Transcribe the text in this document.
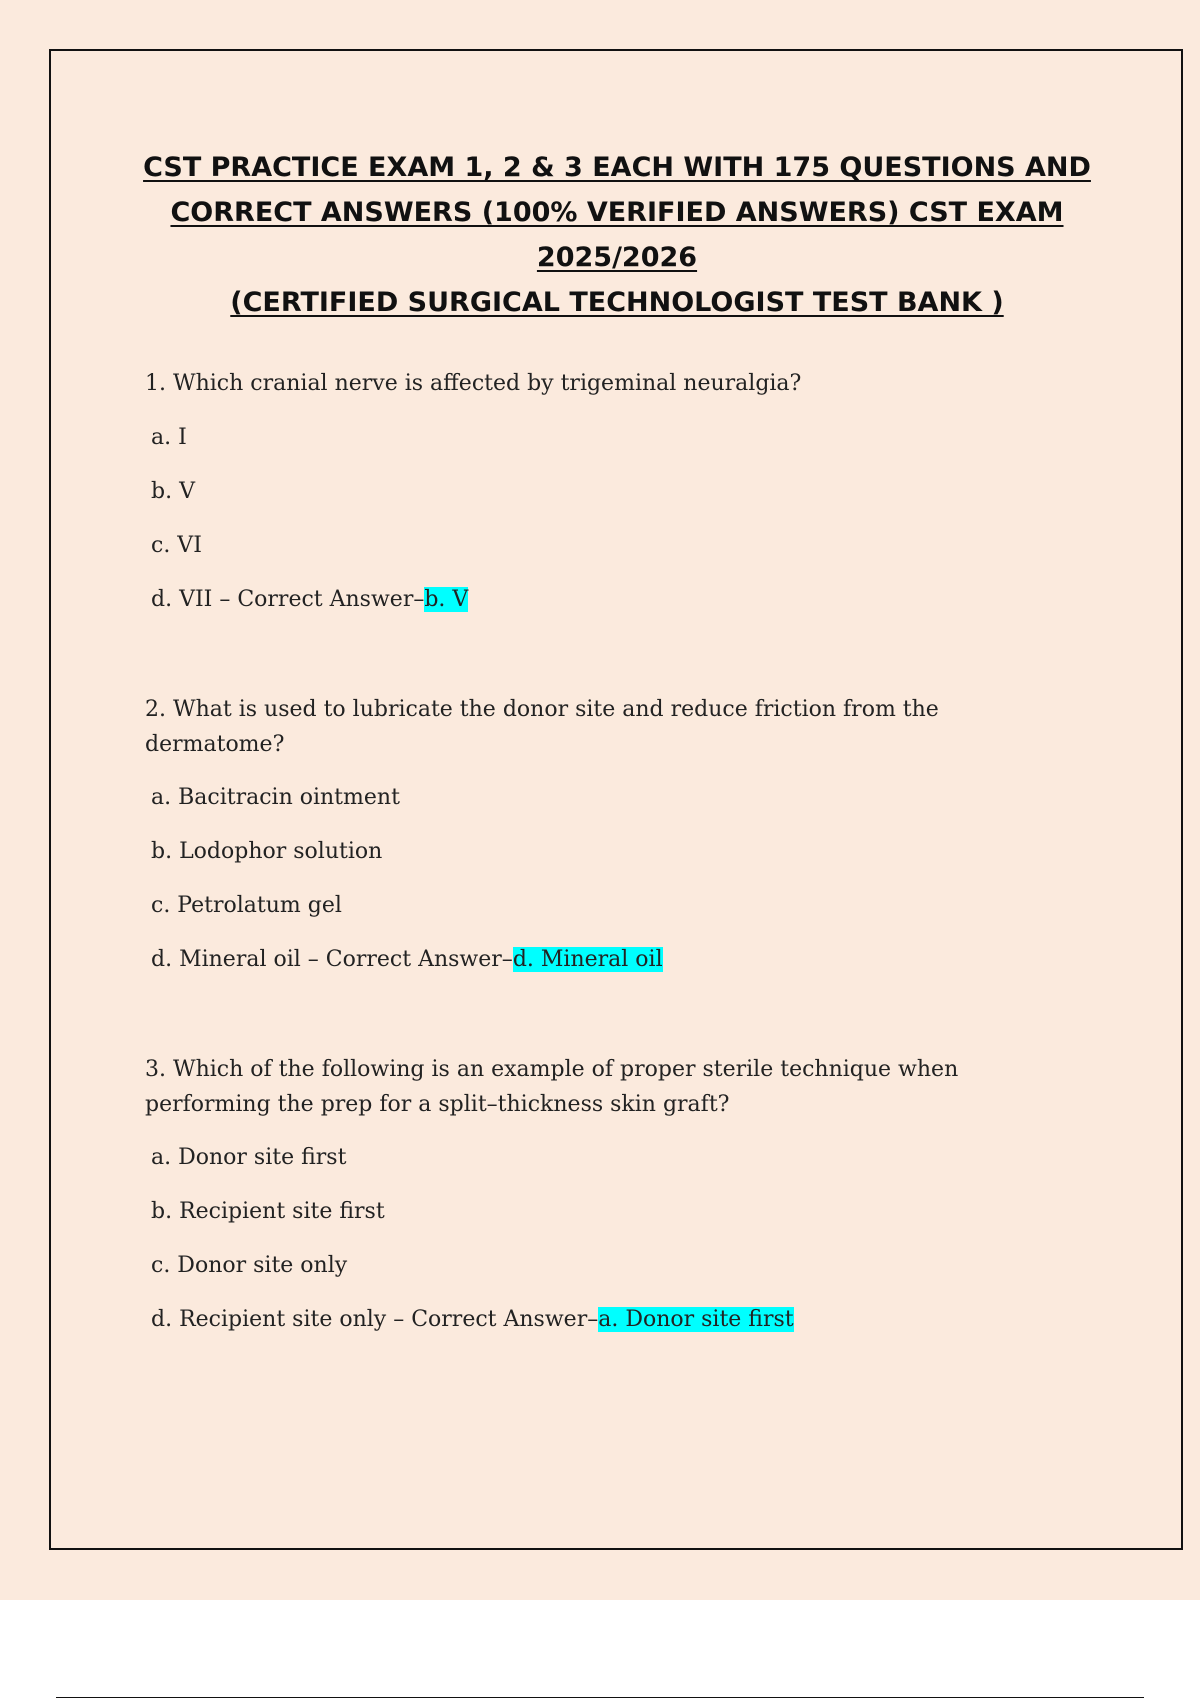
CST PRACTICE EXAM 1, 2 & 3 EACH WITH 175 QUESTIONS AND
CORRECT ANSWERS (100% VERIFIED ANSWERS) CST EXAM 2025/2026
(CERTIFIED SURGICAL TECHNOLOGIST TEST BANK )

1. Which cranial nerve is affected by trigeminal neuralgia?

a. I

b. V

c. VI

d. VII – Correct Answer–b. V

2. What is used to lubricate the donor site and reduce friction from the dermatome?

a. Bacitracin ointment

b. Lodophor solution

c. Petrolatum gel

d. Mineral oil – Correct Answer–d. Mineral oil

3. Which of the following is an example of proper sterile technique when performing the prep for a split–thickness skin graft?

a. Donor site first

b. Recipient site first

c. Donor site only

d. Recipient site only – Correct Answer–a. Donor site first
